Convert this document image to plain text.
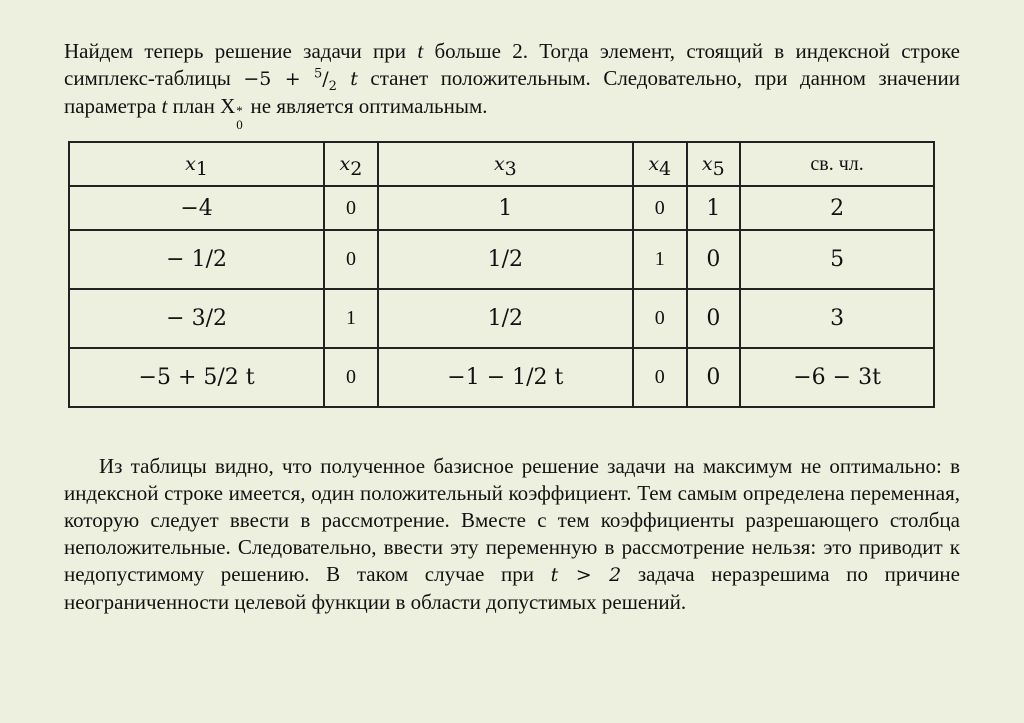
Найдем теперь решение задачи при t больше 2. Тогда элемент, стоящий в индексной строке симплекс-таблицы $-5 + ^5/_2$ t станет положительным. Следовательно, при данном значении параметра t план X *
0
не является оптимальным.
$x_1$	$x_2$	$x_3$	$x_4$	$x_5$	св. чл.
−4	0	1	0	1	2
− 1/2	0	1/2	1	0	5
− 3/2	1	1/2	0	0	3
−5 + 5/2 t	0	−1 − 1/2 t	0	0	−6 − 3t
Из таблицы видно, что полученное базисное решение задачи на максимум не оптимально: в индексной строке имеется, один положительный коэффициент. Тем самым определена переменная, которую следует ввести в рассмотрение. Вместе с тем коэффициенты разрешающего столбца неположительные. Следовательно, ввести эту переменную в рассмотрение нельзя: это приводит к недопустимому решению. В таком случае при t > 2 задача неразрешима по причине неограниченности целевой функции в области допустимых решений.
